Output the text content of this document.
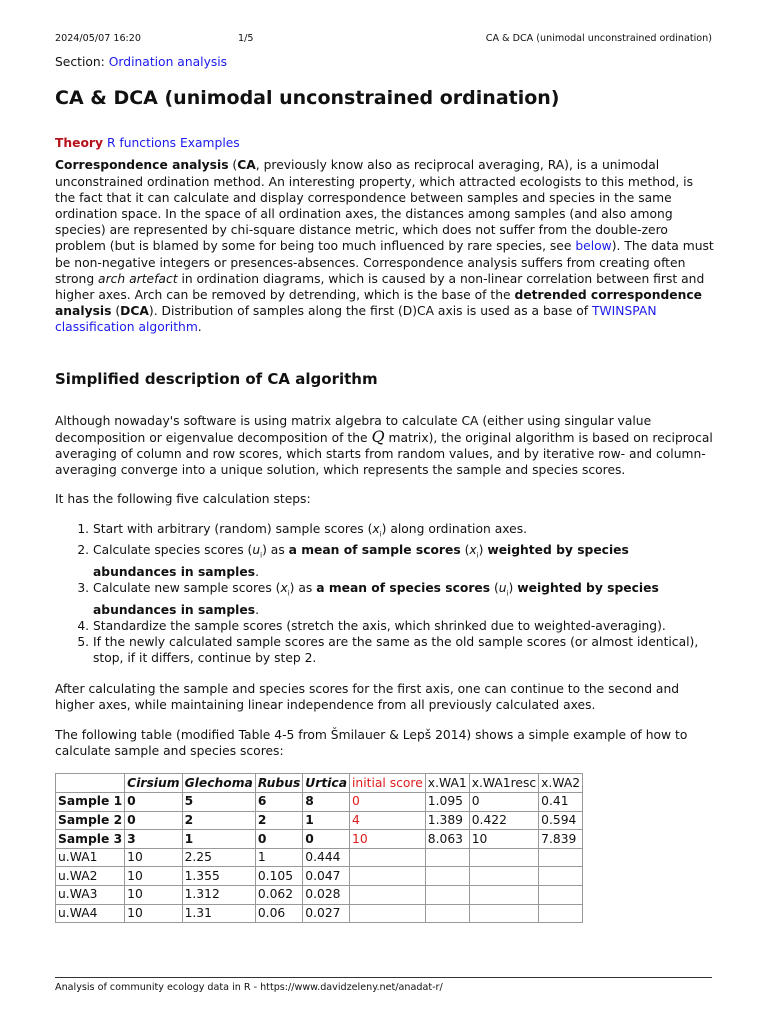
2024/05/07 16:20	1/5	CA & DCA (unimodal unconstrained ordination)
Section: Ordination analysis
CA & DCA (unimodal unconstrained ordination)
Theory R functions Examples

Correspondence analysis (CA, previously know also as reciprocal averaging, RA), is a unimodal unconstrained ordination method. An interesting property, which attracted ecologists to this method, is the fact that it can calculate and display correspondence between samples and species in the same ordination space. In the space of all ordination axes, the distances among samples (and also among species) are represented by chi-square distance metric, which does not suffer from the double-zero problem (but is blamed by some for being too much influenced by rare species, see below). The data must be non-negative integers or presences-absences. Correspondence analysis suffers from creating often strong arch artefact in ordination diagrams, which is caused by a non-linear correlation between first and higher axes. Arch can be removed by detrending, which is the base of the detrended correspondence analysis (DCA). Distribution of samples along the first (D)CA axis is used as a base of TWINSPAN classification algorithm.

Simplified description of CA algorithm

Although nowaday's software is using matrix algebra to calculate CA (either using singular value decomposition or eigenvalue decomposition of the Q matrix), the original algorithm is based on reciprocal averaging of column and row scores, which starts from random values, and by iterative row- and column-averaging converge into a unique solution, which represents the sample and species scores.

It has the following five calculation steps:

1. Start with arbitrary (random) sample scores $(x_i)$ along ordination axes.
2. Calculate species scores $(u_i)$ as a mean of sample scores $(x_i)$ weighted by species abundances in samples.
3. Calculate new sample scores $(x_i)$ as a mean of species scores $(u_i)$ weighted by species abundances in samples.
4. Standardize the sample scores (stretch the axis, which shrinked due to weighted-averaging).
5. If the newly calculated sample scores are the same as the old sample scores (or almost identical), stop, if it differs, continue by step 2.

After calculating the sample and species scores for the first axis, one can continue to the second and higher axes, while maintaining linear independence from all previously calculated axes.

The following table (modified Table 4-5 from Šmilauer & Lepš 2014) shows a simple example of how to calculate sample and species scores:

	Cirsium	Glechoma	Rubus	Urtica	initial score	x.WA1	x.WA1resc	x.WA2
Sample 1	0	5	6	8	0	1.095	0	0.41
Sample 2	0	2	2	1	4	1.389	0.422	0.594
Sample 3	3	1	0	0	10	8.063	10	7.839
u.WA1	10	2.25	1	0.444				
u.WA2	10	1.355	0.105	0.047				
u.WA3	10	1.312	0.062	0.028				
u.WA4	10	1.31	0.06	0.027				
Analysis of community ecology data in R - https://www.davidzeleny.net/anadat-r/
